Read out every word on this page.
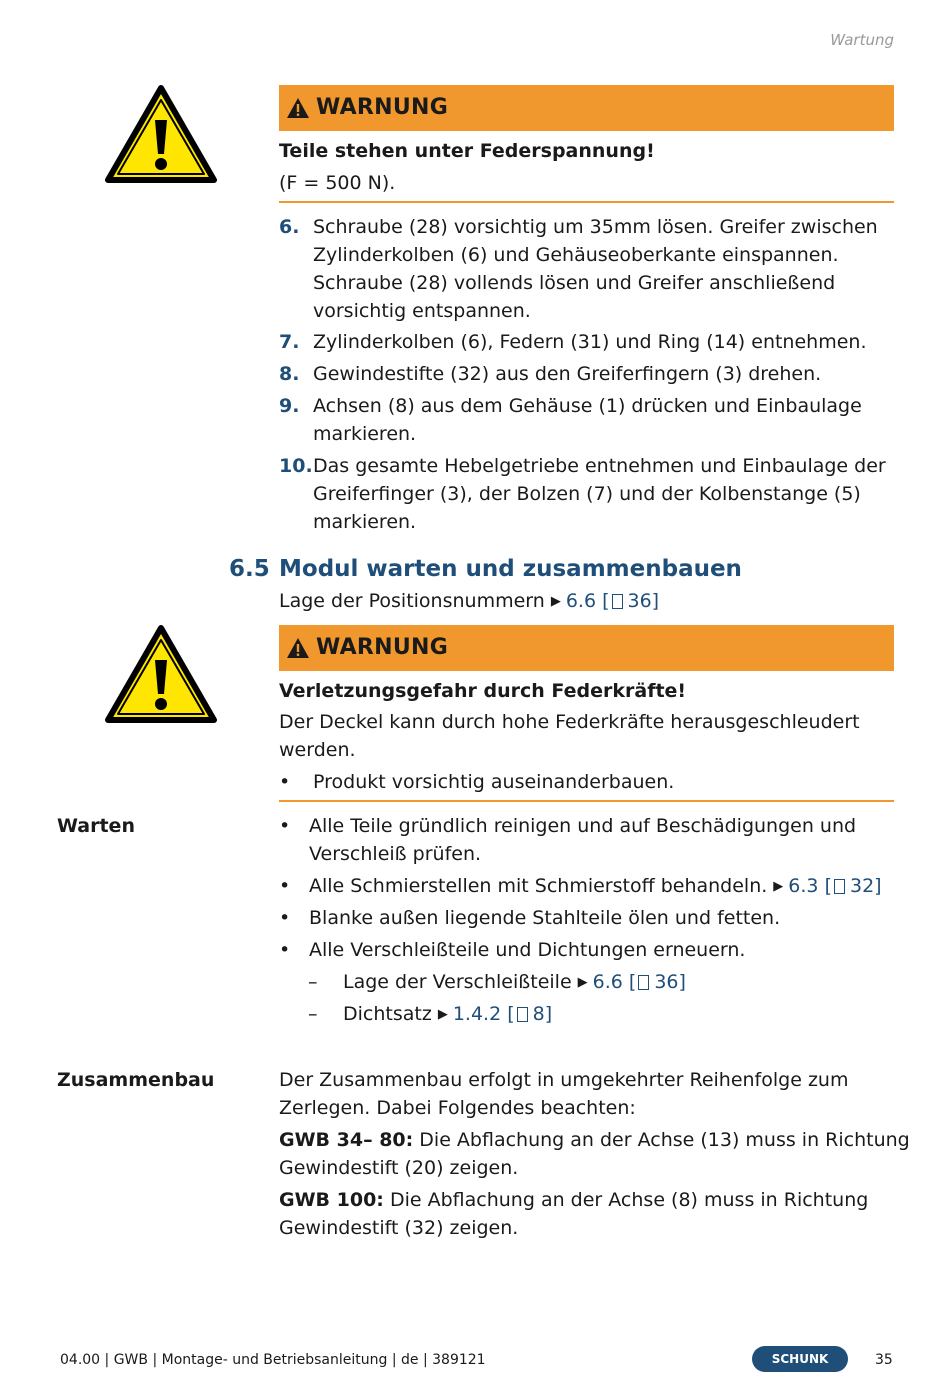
Wartung
WARNUNG
Teile stehen unter Federspannung!
(F = 500 N).
6. Schraube (28) vorsichtig um 35mm lösen. Greifer zwischen
Zylinderkolben (6) und Gehäuseoberkante einspannen.
Schraube (28) vollends lösen und Greifer anschließend
vorsichtig entspannen.
7. Zylinderkolben (6), Federn (31) und Ring (14) entnehmen.
8. Gewindestifte (32) aus den Greiferfingern (3) drehen.
9. Achsen (8) aus dem Gehäuse (1) drücken und Einbaulage
markieren.
10. Das gesamte Hebelgetriebe entnehmen und Einbaulage der
Greiferfinger (3), der Bolzen (7) und der Kolbenstange (5)
markieren.
6.5 Modul warten und zusammenbauen
Lage der Positionsnummern ▶ 6.6 [ 36]
WARNUNG
Verletzungsgefahr durch Federkräfte!
Der Deckel kann durch hohe Federkräfte herausgeschleudert
werden.
• Produkt vorsichtig auseinanderbauen.
Warten	• Alle Teile gründlich reinigen und auf Beschädigungen und
Verschleiß prüfen.
• Alle Schmierstellen mit Schmierstoff behandeln. ▶ 6.3 [ 32]
• Blanke außen liegende Stahlteile ölen und fetten.
• Alle Verschleißteile und Dichtungen erneuern.
– Lage der Verschleißteile ▶ 6.6 [ 36]
– Dichtsatz ▶ 1.4.2 [ 8]
Zusammenbau	Der Zusammenbau erfolgt in umgekehrter Reihenfolge zum
Zerlegen. Dabei Folgendes beachten:
GWB 34– 80: Die Abflachung an der Achse (13) muss in Richtung
Gewindestift (20) zeigen.
GWB 100: Die Abflachung an der Achse (8) muss in Richtung
Gewindestift (32) zeigen.
04.00 | GWB | Montage- und Betriebsanleitung | de | 389121	SCHUNK	35
